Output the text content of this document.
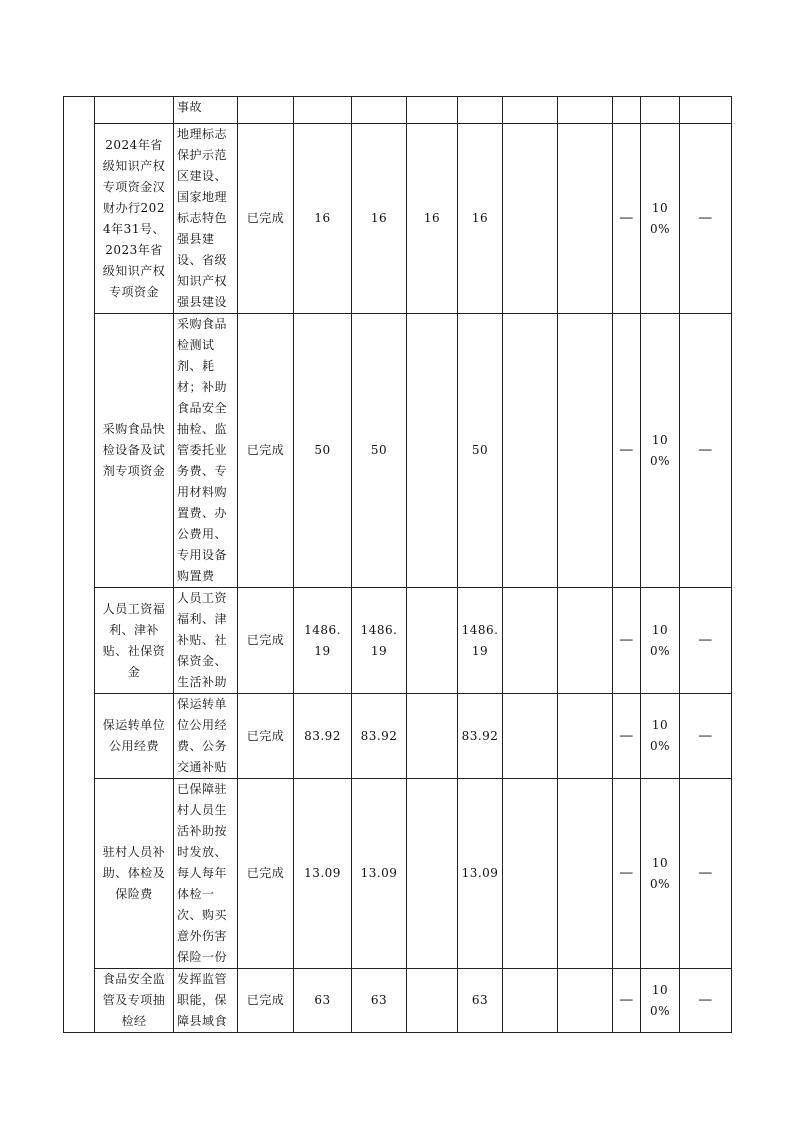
		事故										

	2024年省级知识产权专项资金汉财办行2024年31号、2023年省级知识产权专项资金	地理标志保护示范区建设、国家地理标志特色强县建设、省级知识产权强县建设	已完成	16	16	16	16			—	100%	—

	采购食品快检设备及试剂专项资金	采购食品检测试剂、耗材；补助食品安全抽检、监管委托业务费、专用材料购置费、办公费用、专用设备购置费	已完成	50	50		50			—	100%	—

	人员工资福利、津补贴、社保资金	人员工资福利、津补贴、社保资金、生活补助	已完成	1486.19	1486.19		1486.19			—	100%	—

	保运转单位公用经费	保运转单位公用经费、公务交通补贴	已完成	83.92	83.92		83.92			—	100%	—

	驻村人员补助、体检及保险费	已保障驻村人员生活补助按时发放、每人每年体检一次、购买意外伤害保险一份	已完成	13.09	13.09		13.09			—	100%	—

	食品安全监管及专项抽检经	发挥监管职能，保障县域食	已完成	63	63		63			—	100%	—
